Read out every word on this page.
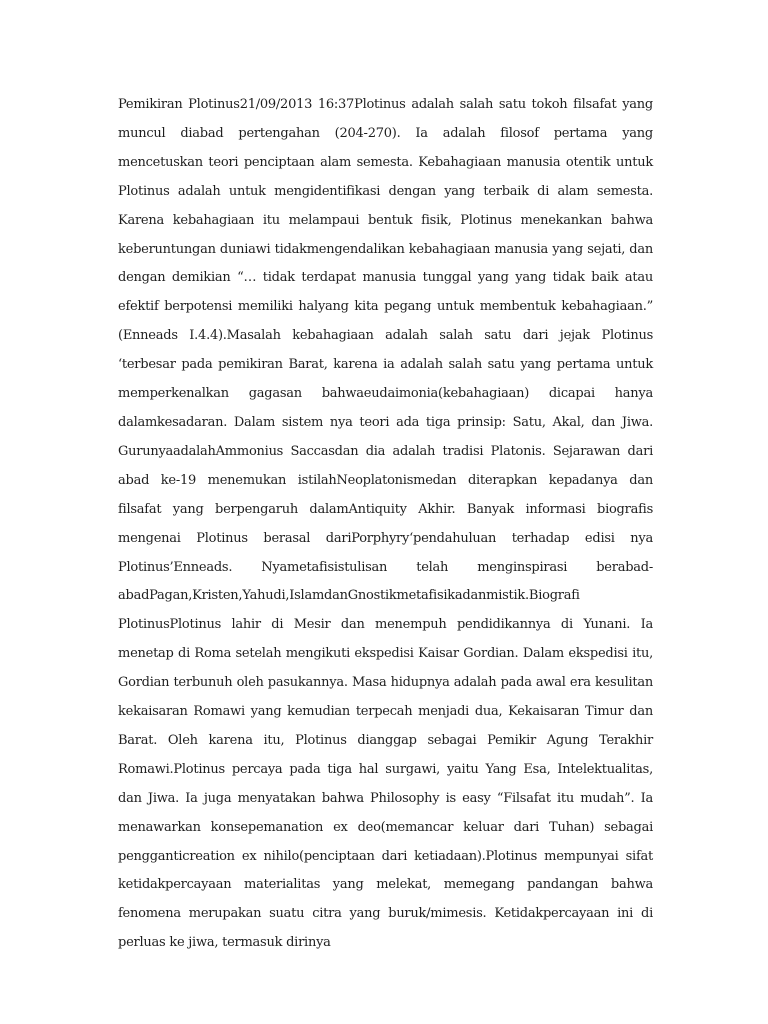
Pemikiran Plotinus21/09/2013 16:37Plotinus adalah salah satu tokoh filsafat yang muncul diabad pertengahan (204-270). Ia adalah filosof pertama yang mencetuskan teori penciptaan alam semesta. Kebahagiaan manusia otentik untuk Plotinus adalah untuk mengidentifikasi dengan yang terbaik di alam semesta. Karena kebahagiaan itu melampaui bentuk fisik, Plotinus menekankan bahwa keberuntungan duniawi tidakmengendalikan kebahagiaan manusia yang sejati, dan dengan demikian “… tidak terdapat manusia tunggal yang yang tidak baik atau efektif berpotensi memiliki halyang kita pegang untuk membentuk kebahagiaan.” (Enneads I.4.4).Masalah kebahagiaan adalah salah satu dari jejak Plotinus ‘terbesar pada pemikiran Barat, karena ia adalah salah satu yang pertama untuk memperkenalkan gagasan bahwaeudaimonia(kebahagiaan) dicapai hanya dalamkesadaran. Dalam sistem nya teori ada tiga prinsip: Satu, Akal, dan Jiwa. GurunyaadalahAmmonius Saccasdan dia adalah tradisi Platonis. Sejarawan dari abad ke-19 menemukan istilahNeoplatonismedan diterapkan kepadanya dan filsafat yang berpengaruh dalamAntiquity Akhir. Banyak informasi biografis mengenai Plotinus berasal dariPorphyry‘pendahuluan terhadap edisi nya Plotinus’Enneads. Nyametafisistulisan telah menginspirasi berabad-abadPagan,Kristen,Yahudi,IslamdanGnostikmetafisikadanmistik.Biografi PlotinusPlotinus lahir di Mesir dan menempuh pendidikannya di Yunani. Ia menetap di Roma setelah mengikuti ekspedisi Kaisar Gordian. Dalam ekspedisi itu, Gordian terbunuh oleh pasukannya. Masa hidupnya adalah pada awal era kesulitan kekaisaran Romawi yang kemudian terpecah menjadi dua, Kekaisaran Timur dan Barat. Oleh karena itu, Plotinus dianggap sebagai Pemikir Agung Terakhir Romawi.Plotinus percaya pada tiga hal surgawi, yaitu Yang Esa, Intelektualitas, dan Jiwa. Ia juga menyatakan bahwa Philosophy is easy “Filsafat itu mudah”. Ia menawarkan konsepemanation ex deo(memancar keluar dari Tuhan) sebagai pengganticreation ex nihilo(penciptaan dari ketiadaan).Plotinus mempunyai sifat ketidakpercayaan materialitas yang melekat, memegang pandangan bahwa fenomena merupakan suatu citra yang buruk/mimesis. Ketidakpercayaan ini di perluas ke jiwa, termasuk dirinya
